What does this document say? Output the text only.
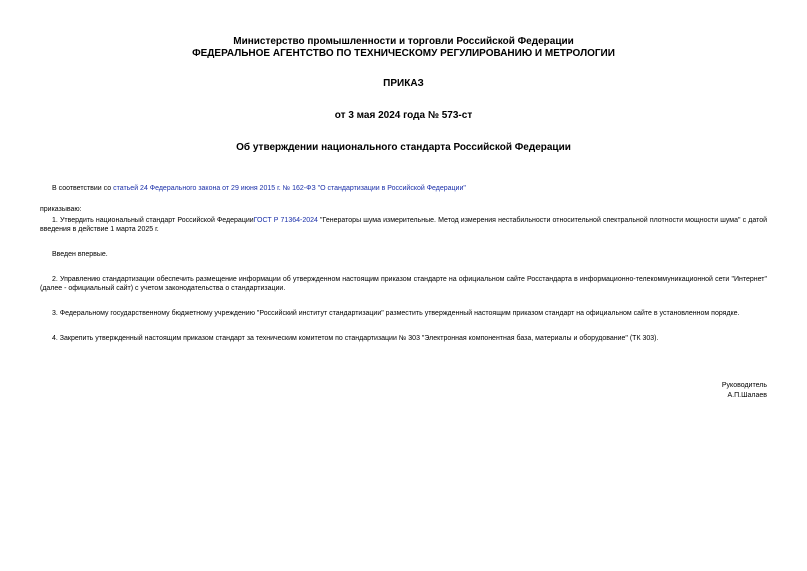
Министерство промышленности и торговли Российской Федерации
ФЕДЕРАЛЬНОЕ АГЕНТСТВО ПО ТЕХНИЧЕСКОМУ РЕГУЛИРОВАНИЮ И МЕТРОЛОГИИ
ПРИКАЗ
от 3 мая 2024 года № 573-ст
Об утверждении национального стандарта Российской Федерации
В соответствии со статьей 24 Федерального закона от 29 июня 2015 г. № 162-ФЗ "О стандартизации в Российской Федерации"
приказываю:
1. Утвердить национальный стандарт Российской ФедерацииГОСТ Р 71364-2024 "Генераторы шума измерительные. Метод измерения нестабильности относительной спектральной плотности мощности шума" с датой введения в действие 1 марта 2025 г.
Введен впервые.
2. Управлению стандартизации обеспечить размещение информации об утвержденном настоящим приказом стандарте на официальном сайте Росстандарта в информационно-телекоммуникационной сети "Интернет" (далее - официальный сайт) с учетом законодательства о стандартизации.
3. Федеральному государственному бюджетному учреждению "Российский институт стандартизации" разместить утвержденный настоящим приказом стандарт на официальном сайте в установленном порядке.
4. Закрепить утвержденный настоящим приказом стандарт за техническим комитетом по стандартизации № 303 "Электронная компонентная база, материалы и оборудование" (ТК 303).
Руководитель
А.П.Шалаев
